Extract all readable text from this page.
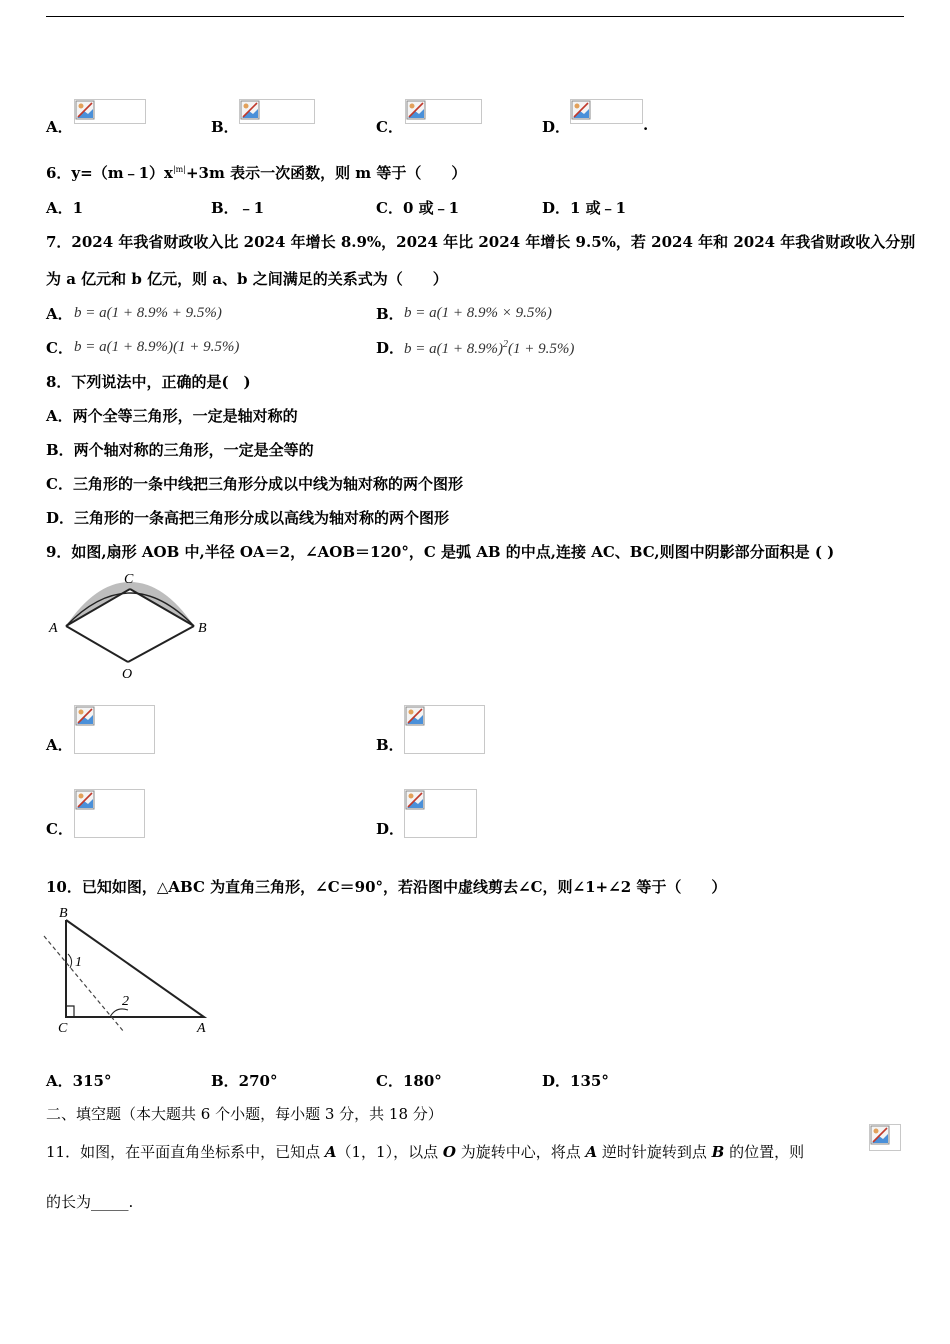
A．	B．	C．	D．	.
6．$y=(m﹣1)x^{|m|}+3m$ 表示一次函数，则 m 等于（　　）
A．1	B．﹣1	C．0 或﹣1	D．1 或﹣1
7．2024 年我省财政收入比 2024 年增长 8.9%，2024 年比 2024 年增长 9.5%，若 2024 年和 2024 年我省财政收入分别
为 a 亿元和 b 亿元，则 a、b 之间满足的关系式为（　　）
A． b = a(1 + 8.9% + 9.5%)	B． b = a(1 + 8.9% × 9.5%)
C． b = a(1 + 8.9%)(1 + 9.5%)	D． $b = a(1 + 8.9\%)^2(1 + 9.5\%)$
8．下列说法中，正确的是(　)
A．两个全等三角形，一定是轴对称的
B．两个轴对称的三角形，一定是全等的
C．三角形的一条中线把三角形分成以中线为轴对称的两个图形
D．三角形的一条高把三角形分成以高线为轴对称的两个图形
9．如图,扇形 AOB 中,半径 OA＝2，∠AOB＝120°，C 是弧 AB 的中点,连接 AC、BC,则图中阴影部分面积是 ( )
C
A	B
O
A．	B．
C．	D．
10．已知如图，△ABC 为直角三角形，∠C＝90°，若沿图中虚线剪去∠C，则∠1+∠2 等于（　　）
B
C	A
1
2
A．315°	B．270°	C．180°	D．135°
二、填空题（本大题共 6 个小题，每小题 3 分，共 18 分）
11．如图，在平面直角坐标系中，已知点 A（1，1），以点 O 为旋转中心，将点 A 逆时针旋转到点 B 的位置，则
的长为_____.
